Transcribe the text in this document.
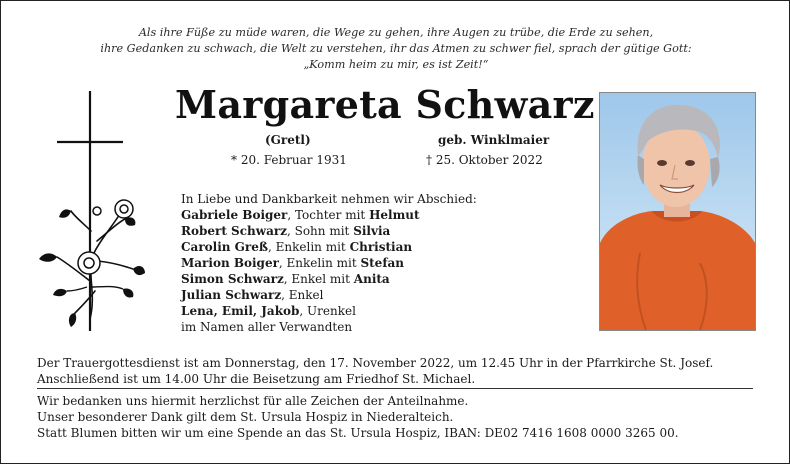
Als ihre Füße zu müde waren, die Wege zu gehen, ihre Augen zu trübe, die Erde zu sehen,
ihre Gedanken zu schwach, die Welt zu verstehen, ihr das Atmen zu schwer fiel, sprach der gütige Gott:
„Komm heim zu mir, es ist Zeit!“
Margareta Schwarz
(Gretl)	geb. Winklmaier
* 20. Februar 1931	† 25. Oktober 2022
In Liebe und Dankbarkeit nehmen wir Abschied:
Gabriele Boiger, Tochter mit Helmut
Robert Schwarz, Sohn mit Silvia
Carolin Greß, Enkelin mit Christian
Marion Boiger, Enkelin mit Stefan
Simon Schwarz, Enkel mit Anita
Julian Schwarz, Enkel
Lena, Emil, Jakob, Urenkel
im Namen aller Verwandten
Der Trauergottesdienst ist am Donnerstag, den 17. November 2022, um 12.45 Uhr in der Pfarrkirche St. Josef.
Anschließend ist um 14.00 Uhr die Beisetzung am Friedhof St. Michael.
Wir bedanken uns hiermit herzlichst für alle Zeichen der Anteilnahme.
Unser besonderer Dank gilt dem St. Ursula Hospiz in Niederalteich.
Statt Blumen bitten wir um eine Spende an das St. Ursula Hospiz, IBAN: DE02 7416 1608 0000 3265 00.
